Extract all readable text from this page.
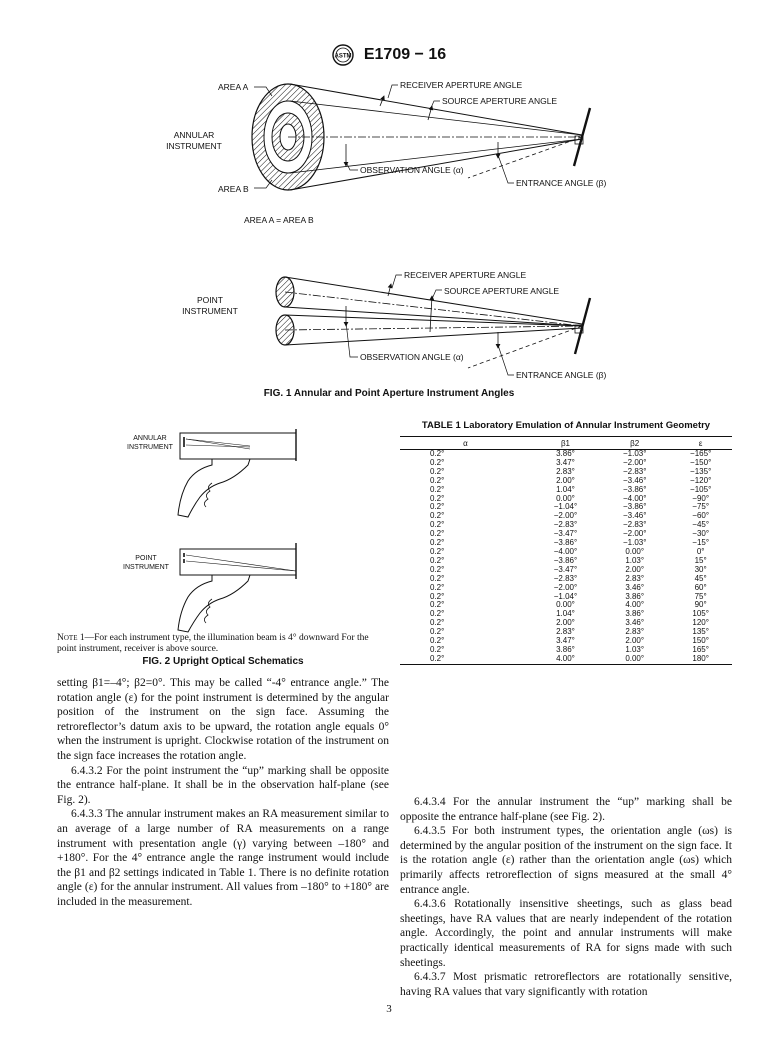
ASTM E1709 − 16
AREA A
AREA B
ANNULAR
INSTRUMENT
RECEIVER APERTURE ANGLE
SOURCE APERTURE ANGLE
OBSERVATION ANGLE (α)
ENTRANCE ANGLE (β)
AREA A = AREA B
POINT
INSTRUMENT
RECEIVER APERTURE ANGLE
SOURCE APERTURE ANGLE
OBSERVATION ANGLE (α)
ENTRANCE ANGLE (β)
FIG. 1 Annular and Point Aperture Instrument Angles
ANNULAR
INSTRUMENT
POINT
INSTRUMENT
Note 1—For each instrument type, the illumination beam is 4° downward For the point instrument, receiver is above source.
FIG. 2 Upright Optical Schematics
TABLE 1 Laboratory Emulation of Annular Instrument Geometry
α	β1	β2	ε
0.2°	3.86°	−1.03°	−165°
0.2°	3.47°	−2.00°	−150°
0.2°	2.83°	−2.83°	−135°
0.2°	2.00°	−3.46°	−120°
0.2°	1.04°	−3.86°	−105°
0.2°	0.00°	−4.00°	−90°
0.2°	−1.04°	−3.86°	−75°
0.2°	−2.00°	−3.46°	−60°
0.2°	−2.83°	−2.83°	−45°
0.2°	−3.47°	−2.00°	−30°
0.2°	−3.86°	−1.03°	−15°
0.2°	−4.00°	0.00°	0°
0.2°	−3.86°	1.03°	15°
0.2°	−3.47°	2.00°	30°
0.2°	−2.83°	2.83°	45°
0.2°	−2.00°	3.46°	60°
0.2°	−1.04°	3.86°	75°
0.2°	0.00°	4.00°	90°
0.2°	1.04°	3.86°	105°
0.2°	2.00°	3.46°	120°
0.2°	2.83°	2.83°	135°
0.2°	3.47°	2.00°	150°
0.2°	3.86°	1.03°	165°
0.2°	4.00°	0.00°	180°

setting β1=–4°; β2=0°. This may be called “-4° entrance angle.” The rotation angle (ε) for the point instrument is determined by the angular position of the instrument on the sign face. Assuming the retroreflector’s datum axis to be upward, the rotation angle equals 0° when the instrument is upright. Clockwise rotation of the instrument on the sign face increases the rotation angle.

6.4.3.2 For the point instrument the “up” marking shall be opposite the entrance half-plane. It shall be in the observation half-plane (see Fig. 2).

6.4.3.3 The annular instrument makes an RA measurement similar to an average of a large number of RA measurements on a range instrument with presentation angle (γ) varying between –180° and +180°. For the 4° entrance angle the range instrument would include the β1 and β2 settings indicated in Table 1. There is no definite rotation angle (ε) for the annular instrument. All values from –180° to +180° are included in the measurement.

6.4.3.4 For the annular instrument the “up” marking shall be opposite the entrance half-plane (see Fig. 2).

6.4.3.5 For both instrument types, the orientation angle (ωs) is determined by the angular position of the instrument on the sign face. It is the rotation angle (ε) rather than the orientation angle (ωs) which primarily affects retroreflection of signs measured at the small 4° entrance angle.

6.4.3.6 Rotationally insensitive sheetings, such as glass bead sheetings, have RA values that are nearly independent of the rotation angle. Accordingly, the point and annular instruments will make practically identical measurements of RA for signs made with such sheetings.

6.4.3.7 Most prismatic retroreflectors are rotationally sensitive, having RA values that vary significantly with rotation

3
